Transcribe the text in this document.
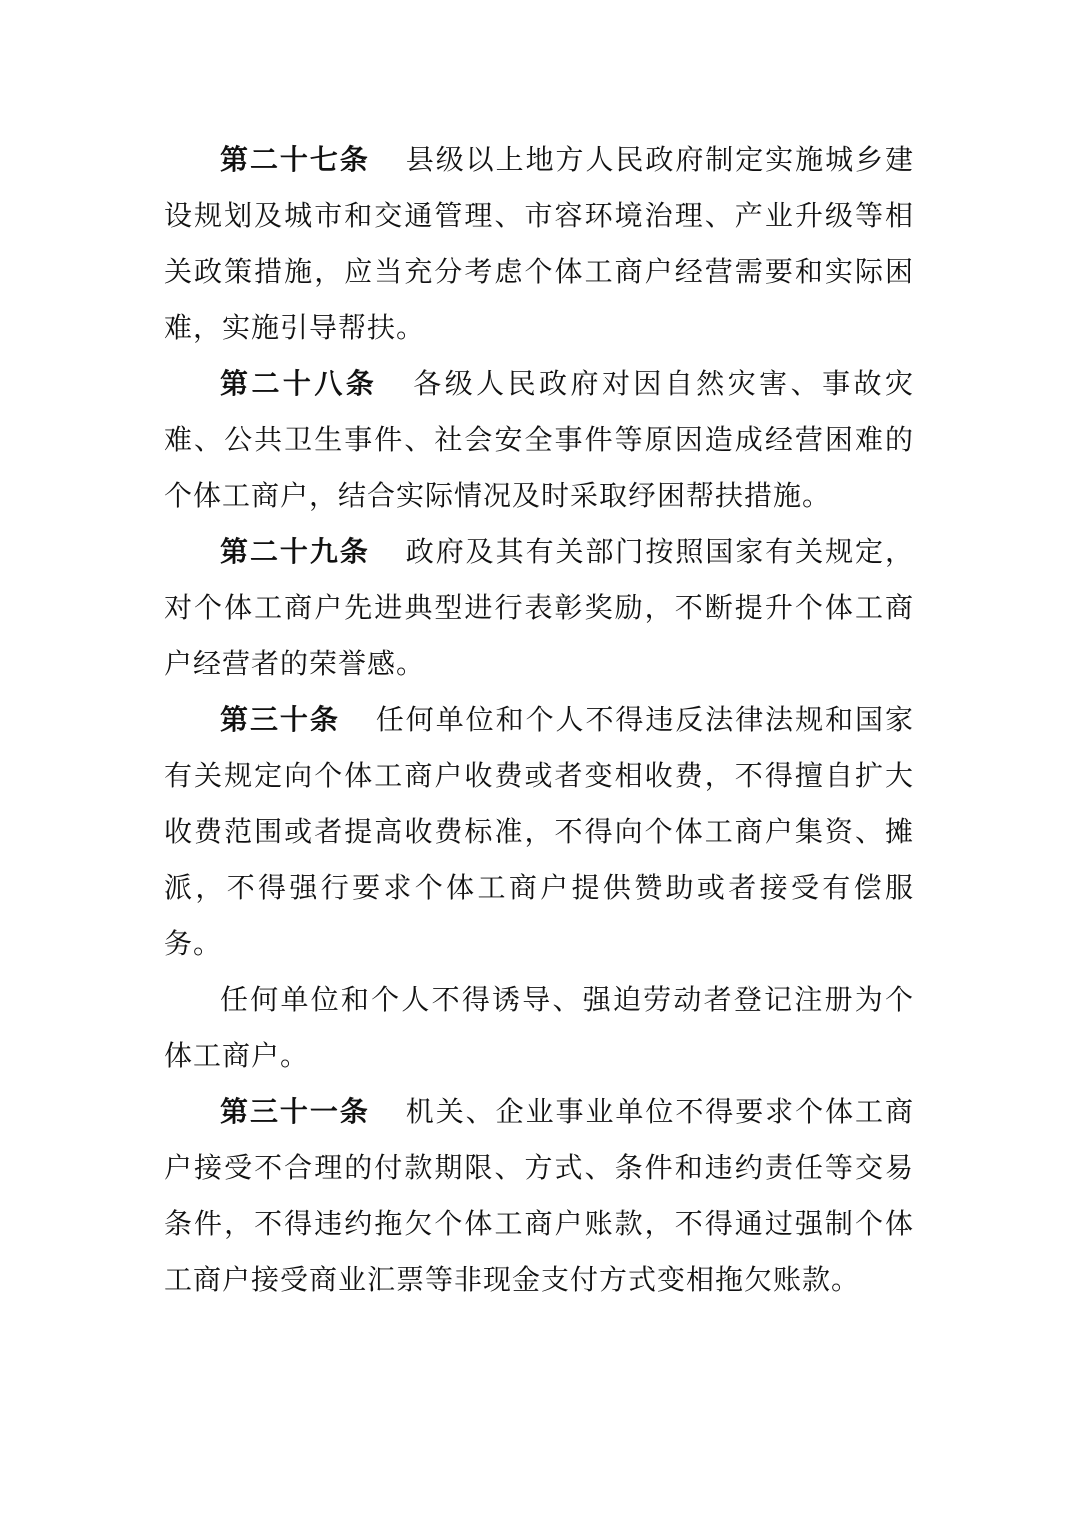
第二十七条 县级以上地方人民政府制定实施城乡建设规划及城市和交通管理、市容环境治理、产业升级等相关政策措施，应当充分考虑个体工商户经营需要和实际困难，实施引导帮扶。

第二十八条 各级人民政府对因自然灾害、事故灾难、公共卫生事件、社会安全事件等原因造成经营困难的个体工商户，结合实际情况及时采取纾困帮扶措施。

第二十九条 政府及其有关部门按照国家有关规定，对个体工商户先进典型进行表彰奖励，不断提升个体工商户经营者的荣誉感。

第三十条 任何单位和个人不得违反法律法规和国家有关规定向个体工商户收费或者变相收费，不得擅自扩大收费范围或者提高收费标准，不得向个体工商户集资、摊派，不得强行要求个体工商户提供赞助或者接受有偿服务。

任何单位和个人不得诱导、强迫劳动者登记注册为个体工商户。

第三十一条 机关、企业事业单位不得要求个体工商户接受不合理的付款期限、方式、条件和违约责任等交易条件，不得违约拖欠个体工商户账款，不得通过强制个体工商户接受商业汇票等非现金支付方式变相拖欠账款。
